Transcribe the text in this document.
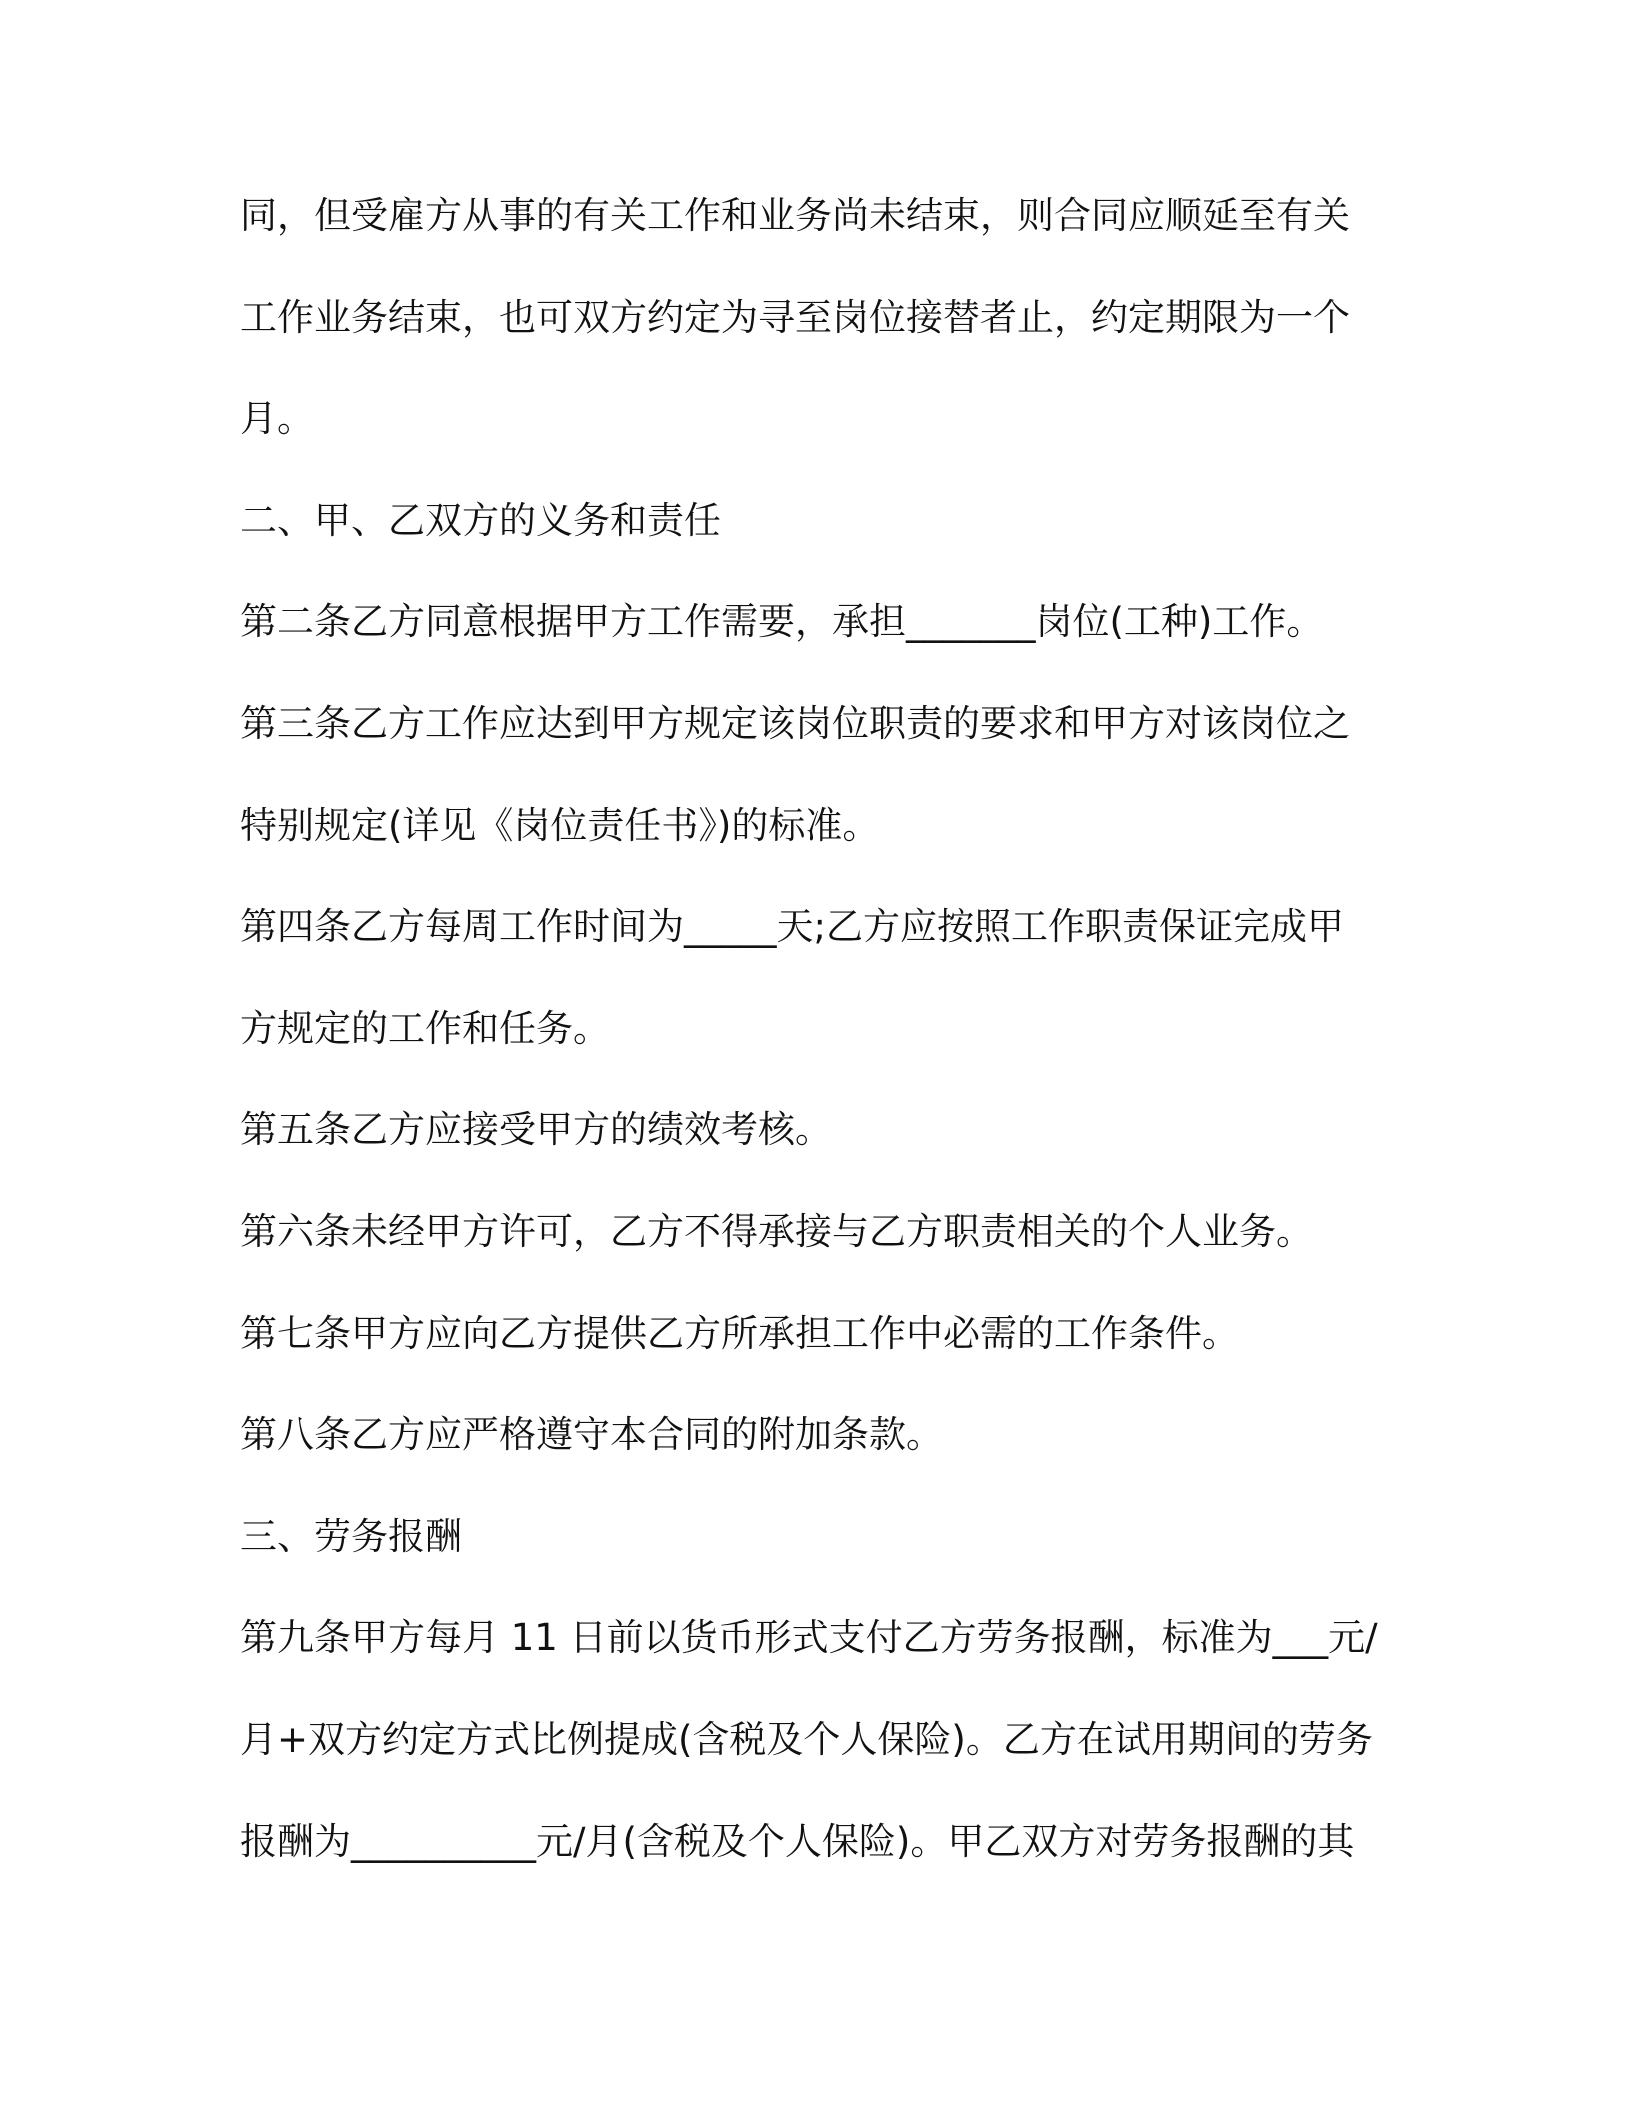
同，但受雇方从事的有关工作和业务尚未结束，则合同应顺延至有关

工作业务结束，也可双方约定为寻至岗位接替者止，约定期限为一个

月。

二、甲、乙双方的义务和责任

第二条乙方同意根据甲方工作需要，承担_______岗位(工种)工作。

第三条乙方工作应达到甲方规定该岗位职责的要求和甲方对该岗位之

特别规定(详见《岗位责任书》)的标准。

第四条乙方每周工作时间为_____天;乙方应按照工作职责保证完成甲

方规定的工作和任务。

第五条乙方应接受甲方的绩效考核。

第六条未经甲方许可，乙方不得承接与乙方职责相关的个人业务。

第七条甲方应向乙方提供乙方所承担工作中必需的工作条件。

第八条乙方应严格遵守本合同的附加条款。

三、劳务报酬

第九条甲方每月 11 日前以货币形式支付乙方劳务报酬，标准为___元/

月+双方约定方式比例提成(含税及个人保险)。乙方在试用期间的劳务

报酬为__________元/月(含税及个人保险)。甲乙双方对劳务报酬的其
